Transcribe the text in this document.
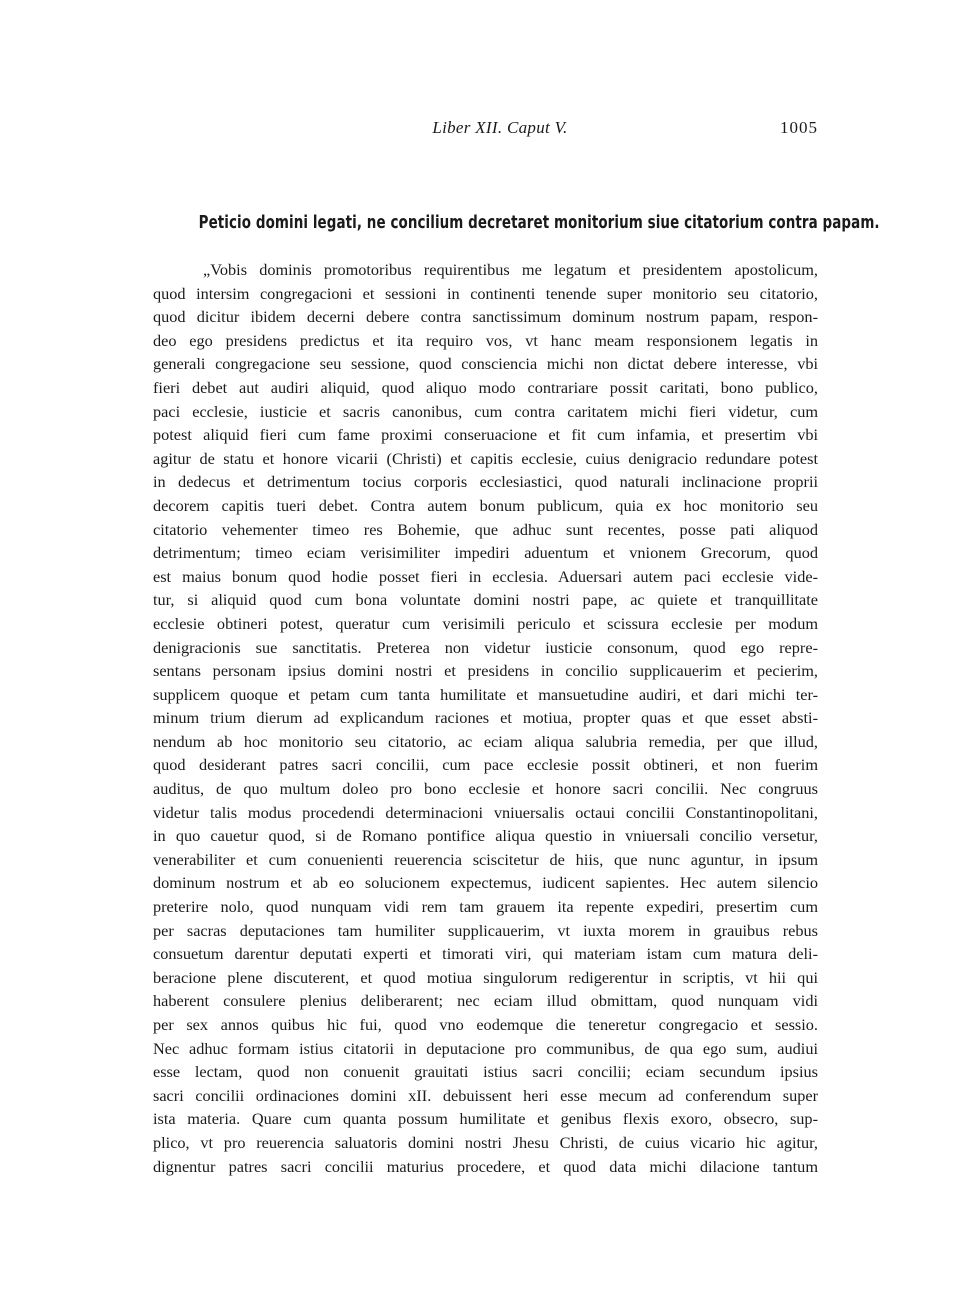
Liber XII. Caput V.	1005
Peticio domini legati, ne concilium decretaret monitorium siue citatorium contra papam.
„Vobis dominis promotoribus requirentibus me legatum et presidentem apostolicum,
quod intersim congregacioni et sessioni in continenti tenende super monitorio seu citatorio,
quod dicitur ibidem decerni debere contra sanctissimum dominum nostrum papam, respon-
deo ego presidens predictus et ita requiro vos, vt hanc meam responsionem legatis in
generali congregacione seu sessione, quod consciencia michi non dictat debere interesse, vbi
fieri debet aut audiri aliquid, quod aliquo modo contrariare possit caritati, bono publico,
paci ecclesie, iusticie et sacris canonibus, cum contra caritatem michi fieri videtur, cum
potest aliquid fieri cum fame proximi conseruacione et fit cum infamia, et presertim vbi
agitur de statu et honore vicarii (Christi) et capitis ecclesie, cuius denigracio redundare potest
in dedecus et detrimentum tocius corporis ecclesiastici, quod naturali inclinacione proprii
decorem capitis tueri debet. Contra autem bonum publicum, quia ex hoc monitorio seu
citatorio vehementer timeo res Bohemie, que adhuc sunt recentes, posse pati aliquod
detrimentum; timeo eciam verisimiliter impediri aduentum et vnionem Grecorum, quod
est maius bonum quod hodie posset fieri in ecclesia. Aduersari autem paci ecclesie vide-
tur, si aliquid quod cum bona voluntate domini nostri pape, ac quiete et tranquillitate
ecclesie obtineri potest, queratur cum verisimili periculo et scissura ecclesie per modum
denigracionis sue sanctitatis. Preterea non videtur iusticie consonum, quod ego repre-
sentans personam ipsius domini nostri et presidens in concilio supplicauerim et pecierim,
supplicem quoque et petam cum tanta humilitate et mansuetudine audiri, et dari michi ter-
minum trium dierum ad explicandum raciones et motiua, propter quas et que esset absti-
nendum ab hoc monitorio seu citatorio, ac eciam aliqua salubria remedia, per que illud,
quod desiderant patres sacri concilii, cum pace ecclesie possit obtineri, et non fuerim
auditus, de quo multum doleo pro bono ecclesie et honore sacri concilii. Nec congruus
videtur talis modus procedendi determinacioni vniuersalis octaui concilii Constantinopolitani,
in quo cauetur quod, si de Romano pontifice aliqua questio in vniuersali concilio versetur,
venerabiliter et cum conuenienti reuerencia sciscitetur de hiis, que nunc aguntur, in ipsum
dominum nostrum et ab eo solucionem expectemus, iudicent sapientes. Hec autem silencio
preterire nolo, quod nunquam vidi rem tam grauem ita repente expediri, presertim cum
per sacras deputaciones tam humiliter supplicauerim, vt iuxta morem in grauibus rebus
consuetum darentur deputati experti et timorati viri, qui materiam istam cum matura deli-
beracione plene discuterent, et quod motiua singulorum redigerentur in scriptis, vt hii qui
haberent consulere plenius deliberarent; nec eciam illud obmittam, quod nunquam vidi
per sex annos quibus hic fui, quod vno eodemque die teneretur congregacio et sessio.
Nec adhuc formam istius citatorii in deputacione pro communibus, de qua ego sum, audiui
esse lectam, quod non conuenit grauitati istius sacri concilii; eciam secundum ipsius
sacri concilii ordinaciones domini xII. debuissent heri esse mecum ad conferendum super
ista materia. Quare cum quanta possum humilitate et genibus flexis exoro, obsecro, sup-
plico, vt pro reuerencia saluatoris domini nostri Jhesu Christi, de cuius vicario hic agitur,
dignentur patres sacri concilii maturius procedere, et quod data michi dilacione tantum
